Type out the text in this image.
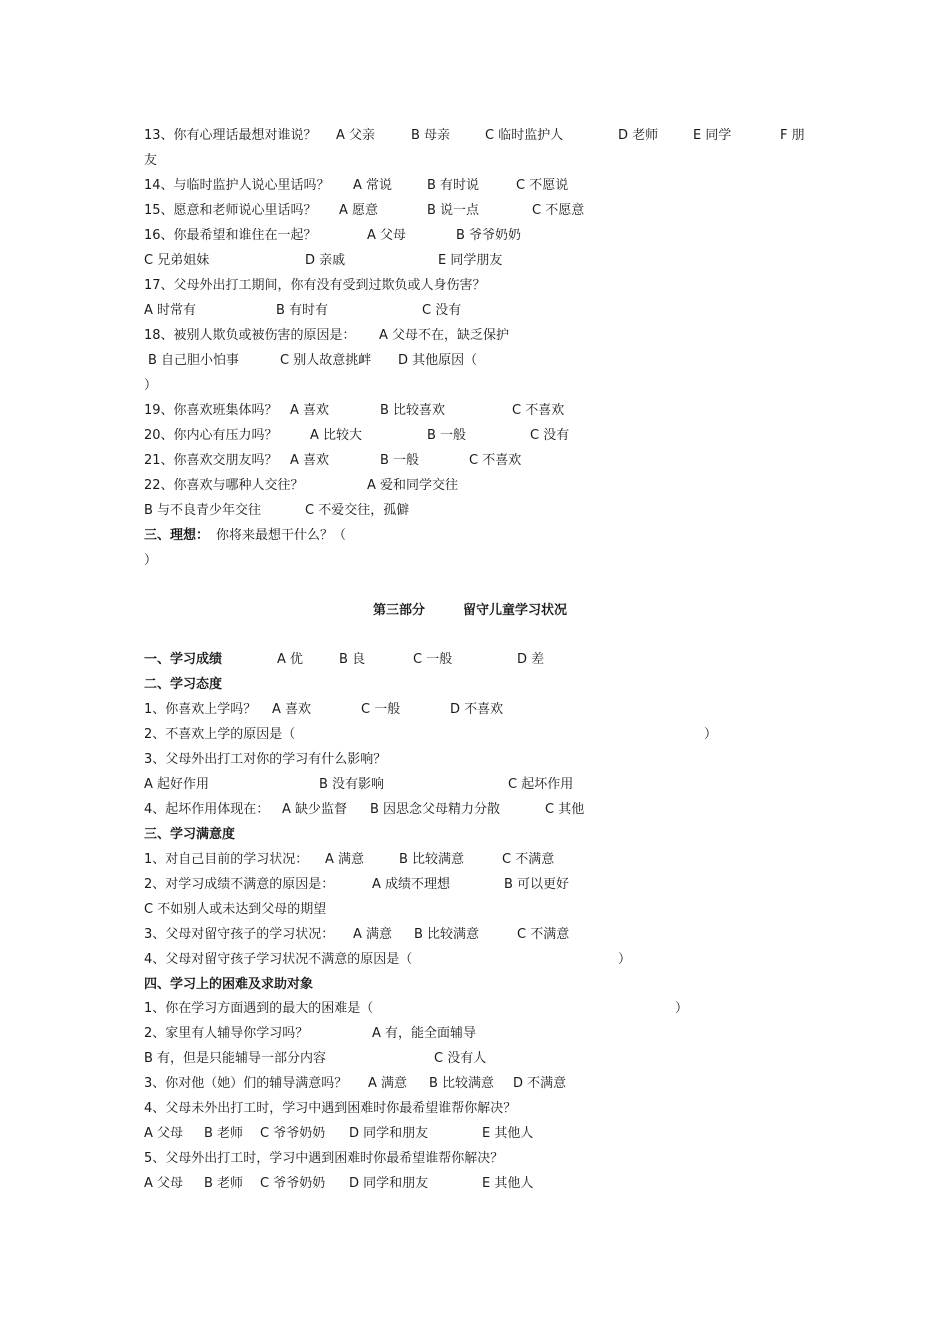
13、你有心理话最想对谁说？ A 父亲	B 母亲	C 临时监护人	D 老师	E 同学	F 朋
友
14、与临时监护人说心里话吗？ A 常说	B 有时说	C 不愿说
15、愿意和老师说心里话吗？ A 愿意	B 说一点	C 不愿意
16、你最希望和谁住在一起？	A 父母	B 爷爷奶奶
C 兄弟姐妹	D 亲戚	E 同学朋友
17、父母外出打工期间，你有没有受到过欺负或人身伤害？
A 时常有	B 有时有	C 没有
18、被别人欺负或被伤害的原因是： A 父母不在，缺乏保护
B 自己胆小怕事	C 别人故意挑衅 D 其他原因（
）
19、你喜欢班集体吗？ A 喜欢	B 比较喜欢	C 不喜欢
20、你内心有压力吗？ A 比较大	B 一般	C 没有
21、你喜欢交朋友吗？ A 喜欢	B 一般	C 不喜欢
22、你喜欢与哪种人交往？	A 爱和同学交往
B 与不良青少年交往	C 不爱交往，孤僻
三、理想： 你将来最想干什么？（
）
第三部分	留守儿童学习状况
一、学习成绩	A 优	B 良	C 一般	D 差
二、学习态度
1、你喜欢上学吗？ A 喜欢	C 一般	D 不喜欢
2、不喜欢上学的原因是（	）
3、父母外出打工对你的学习有什么影响？
A 起好作用	B 没有影响	C 起坏作用
4、起坏作用体现在： A 缺少监督 B 因思念父母精力分散	C 其他
三、学习满意度
1、对自己目前的学习状况： A 满意	B 比较满意	C 不满意
2、对学习成绩不满意的原因是：	A 成绩不理想	B 可以更好
C 不如别人或未达到父母的期望
3、父母对留守孩子的学习状况： A 满意 B 比较满意	C 不满意
4、父母对留守孩子学习状况不满意的原因是（	）
四、学习上的困难及求助对象
1、你在学习方面遇到的最大的困难是（	）
2、家里有人辅导你学习吗？	A 有，能全面辅导
B 有，但是只能辅导一部分内容	C 没有人
3、你对他（她）们的辅导满意吗？ A 满意 B 比较满意 D 不满意
4、父母未外出打工时，学习中遇到困难时你最希望谁帮你解决？
A 父母 B 老师 C 爷爷奶奶 D 同学和朋友	E 其他人
5、父母外出打工时，学习中遇到困难时你最希望谁帮你解决？
A 父母 B 老师 C 爷爷奶奶 D 同学和朋友	E 其他人
